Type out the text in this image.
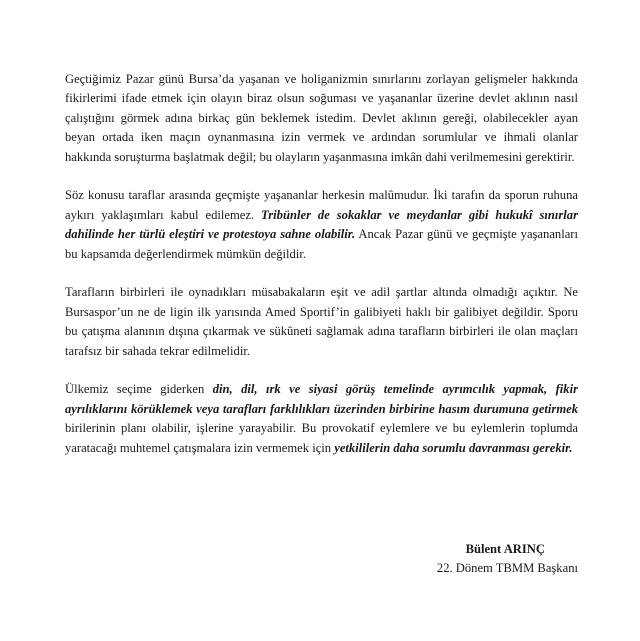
Geçtiğimiz Pazar günü Bursa’da yaşanan ve holiganizmin sınırlarını zorlayan gelişmeler hakkında fikirlerimi ifade etmek için olayın biraz olsun soğuması ve yaşananlar üzerine devlet aklının nasıl çalıştığını görmek adına birkaç gün beklemek istedim. Devlet aklının gereği, olabilecekler ayan beyan ortada iken maçın oynanmasına izin vermek ve ardından sorumlular ve ihmali olanlar hakkında soruşturma başlatmak değil; bu olayların yaşanmasına imkân dahi verilmemesini gerektirir.

Söz konusu taraflar arasında geçmişte yaşananlar herkesin malûmudur. İki tarafın da sporun ruhuna aykırı yaklaşımları kabul edilemez. Tribünler de sokaklar ve meydanlar gibi hukukî sınırlar dahilinde her türlü eleştiri ve protestoya sahne olabilir. Ancak Pazar günü ve geçmişte yaşananları bu kapsamda değerlendirmek mümkün değildir.

Tarafların birbirleri ile oynadıkları müsabakaların eşit ve adil şartlar altında olmadığı açıktır. Ne Bursaspor’un ne de ligin ilk yarısında Amed Sportif’in galibiyeti haklı bir galibiyet değildir. Sporu bu çatışma alanının dışına çıkarmak ve sükûneti sağlamak adına tarafların birbirleri ile olan maçları tarafsız bir sahada tekrar edilmelidir.

Ülkemiz seçime giderken din, dil, ırk ve siyasi görüş temelinde ayrımcılık yapmak, fikir ayrılıklarını körüklemek veya tarafları farklılıkları üzerinden birbirine hasım durumuna getirmek birilerinin planı olabilir, işlerine yarayabilir. Bu provokatif eylemlere ve bu eylemlerin toplumda yaratacağı muhtemel çatışmalara izin vermemek için yetkililerin daha sorumlu davranması gerekir.

Bülent ARINÇ
22. Dönem TBMM Başkanı
